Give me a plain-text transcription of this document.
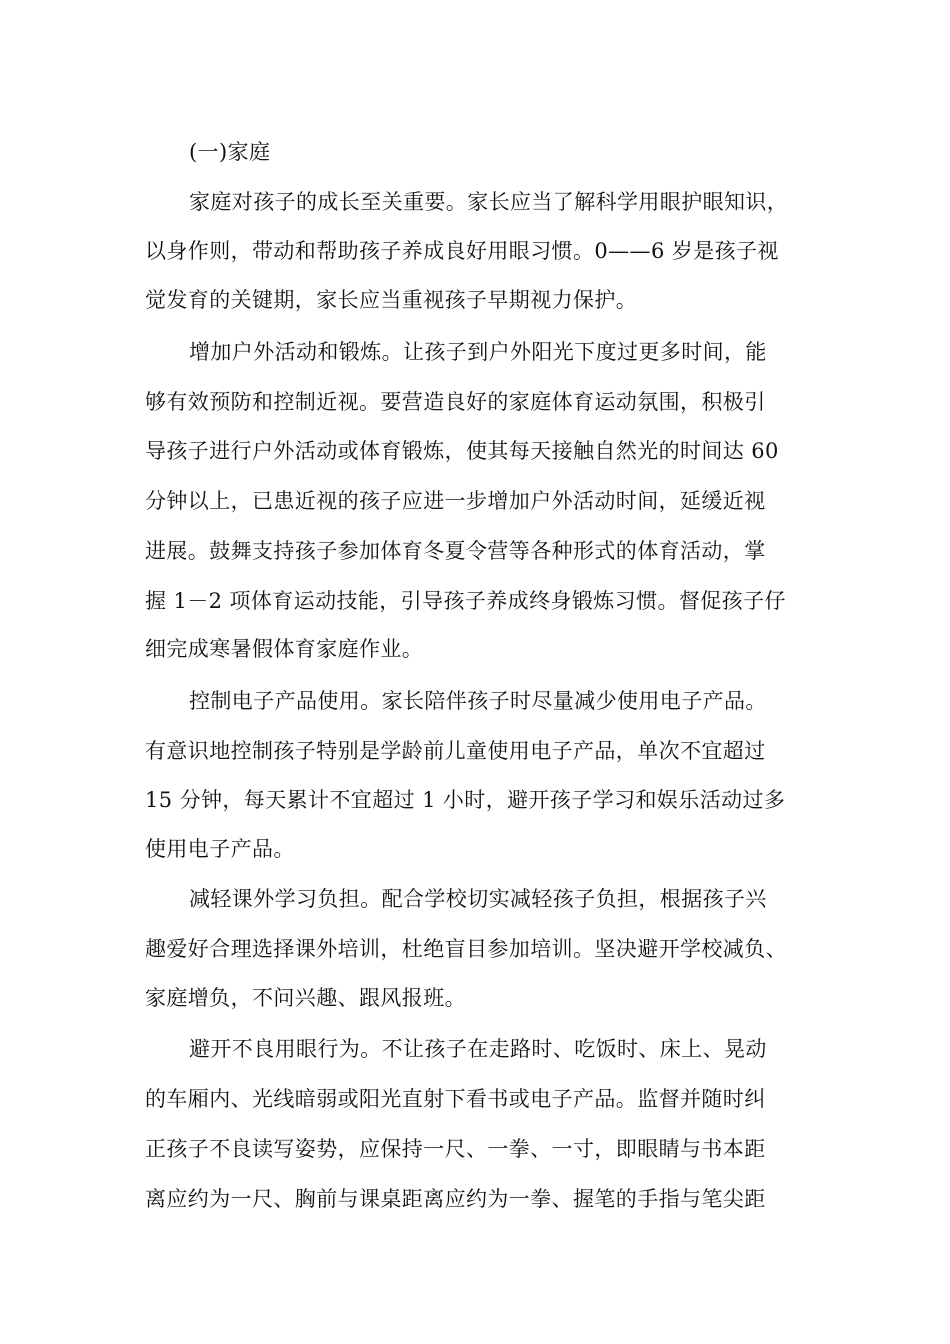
(一)家庭
家庭对孩子的成长至关重要。家长应当了解科学用眼护眼知识，
以身作则，带动和帮助孩子养成良好用眼习惯。0——6 岁是孩子视
觉发育的关键期，家长应当重视孩子早期视力保护。
增加户外活动和锻炼。让孩子到户外阳光下度过更多时间，能
够有效预防和控制近视。要营造良好的家庭体育运动氛围，积极引
导孩子进行户外活动或体育锻炼，使其每天接触自然光的时间达 60
分钟以上，已患近视的孩子应进一步增加户外活动时间，延缓近视
进展。鼓舞支持孩子参加体育冬夏令营等各种形式的体育活动，掌
握 1－2 项体育运动技能，引导孩子养成终身锻炼习惯。督促孩子仔
细完成寒暑假体育家庭作业。
控制电子产品使用。家长陪伴孩子时尽量减少使用电子产品。
有意识地控制孩子特别是学龄前儿童使用电子产品，单次不宜超过
15 分钟，每天累计不宜超过 1 小时，避开孩子学习和娱乐活动过多
使用电子产品。
减轻课外学习负担。配合学校切实减轻孩子负担，根据孩子兴
趣爱好合理选择课外培训，杜绝盲目参加培训。坚决避开学校减负、
家庭增负，不问兴趣、跟风报班。
避开不良用眼行为。不让孩子在走路时、吃饭时、床上、晃动
的车厢内、光线暗弱或阳光直射下看书或电子产品。监督并随时纠
正孩子不良读写姿势，应保持一尺、一拳、一寸，即眼睛与书本距
离应约为一尺、胸前与课桌距离应约为一拳、握笔的手指与笔尖距
